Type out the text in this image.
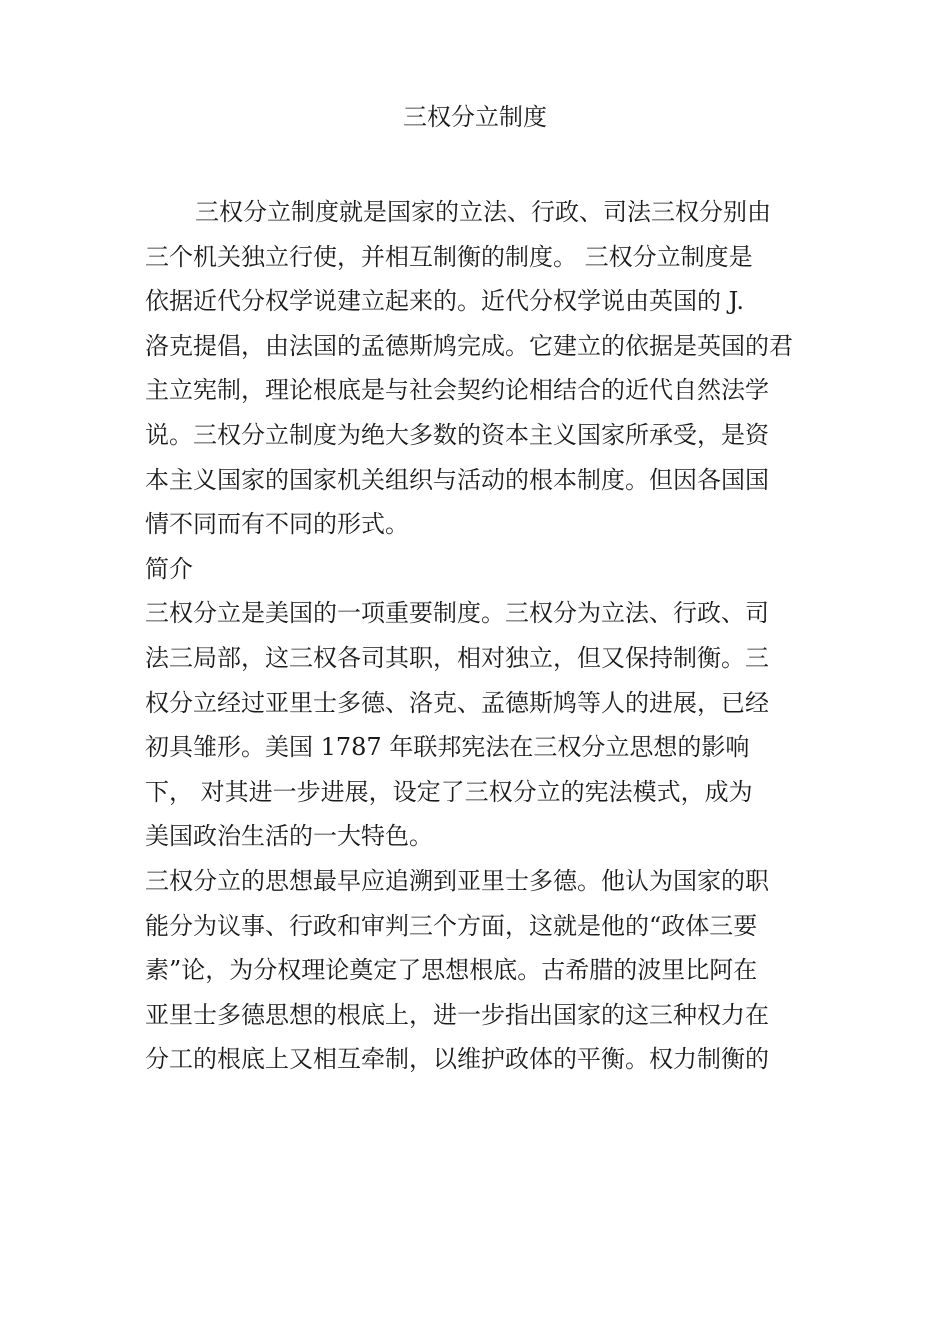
三权分立制度

三权分立制度就是国家的立法、行政、司法三权分别由

三个机关独立行使，并相互制衡的制度。 三权分立制度是

依据近代分权学说建立起来的。近代分权学说由英国的 J.

洛克提倡，由法国的孟德斯鸠完成。它建立的依据是英国的君

主立宪制，理论根底是与社会契约论相结合的近代自然法学

说。三权分立制度为绝大多数的资本主义国家所承受，是资

本主义国家的国家机关组织与活动的根本制度。但因各国国

情不同而有不同的形式。

简介

三权分立是美国的一项重要制度。三权分为立法、行政、司

法三局部，这三权各司其职，相对独立，但又保持制衡。三

权分立经过亚里士多德、洛克、孟德斯鸠等人的进展，已经

初具雏形。美国 1787 年联邦宪法在三权分立思想的影响

下， 对其进一步进展，设定了三权分立的宪法模式，成为

美国政治生活的一大特色。

三权分立的思想最早应追溯到亚里士多德。他认为国家的职

能分为议事、行政和审判三个方面，这就是他的“政体三要

素”论，为分权理论奠定了思想根底。古希腊的波里比阿在

亚里士多德思想的根底上，进一步指出国家的这三种权力在

分工的根底上又相互牵制，以维护政体的平衡。权力制衡的
